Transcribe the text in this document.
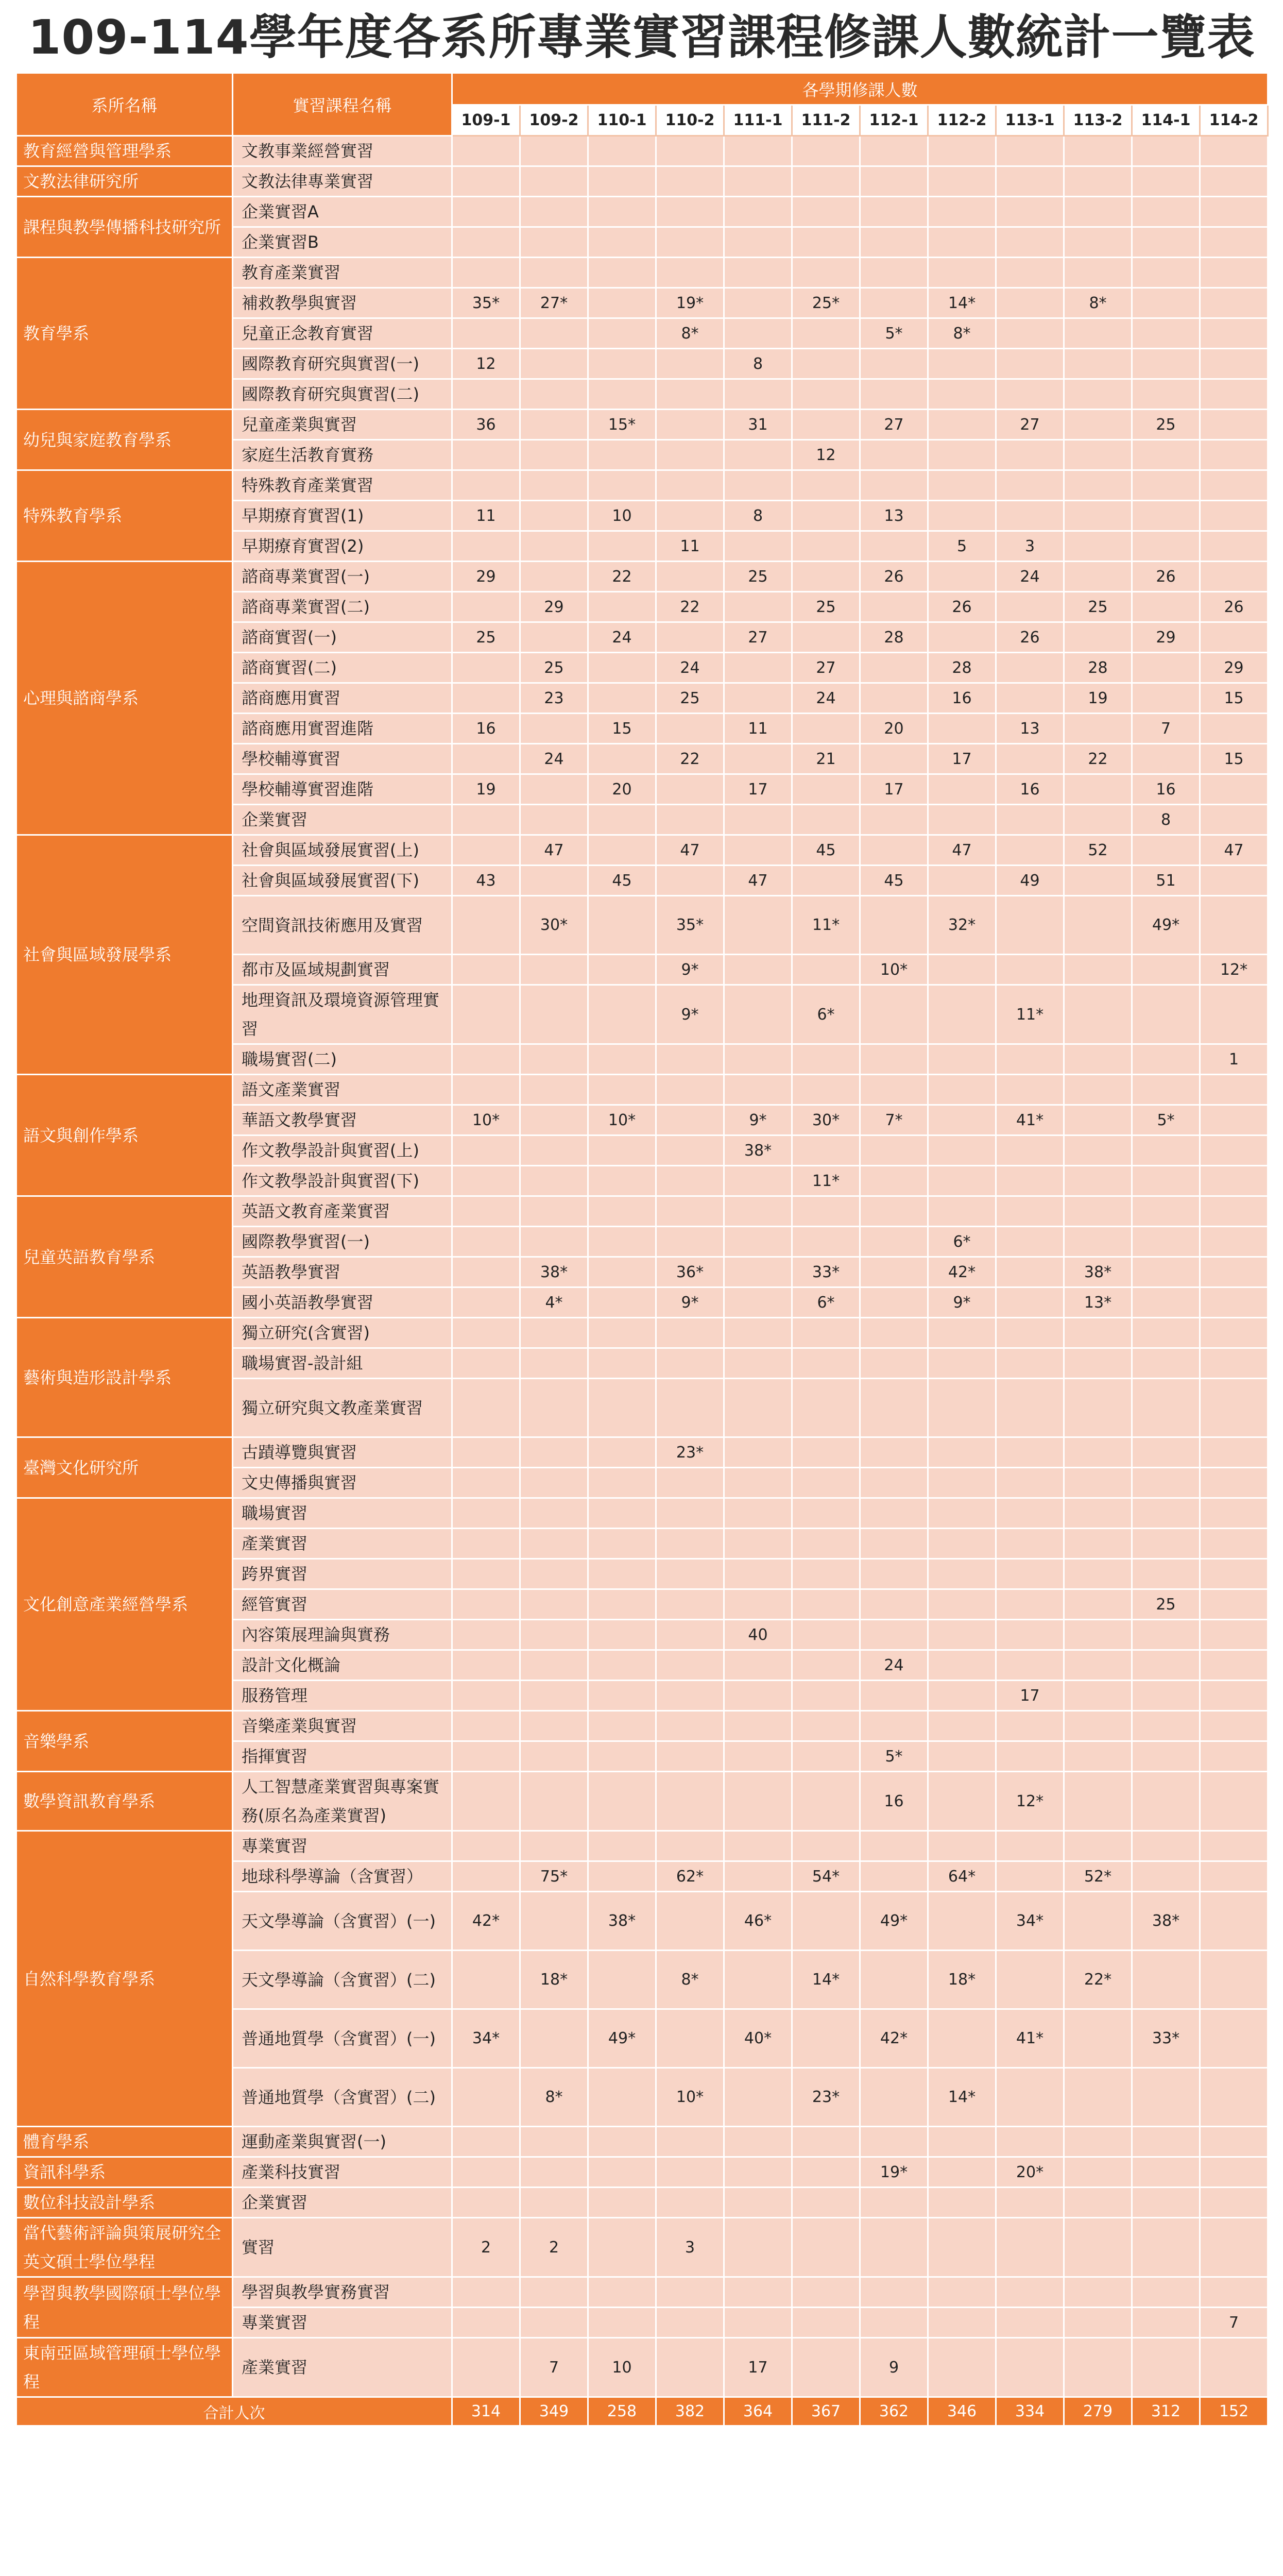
109-114學年度各系所專業實習課程修課人數統計一覽表
系所名稱	實習課程名稱	各學期修課人數											
		109-1	109-2	110-1	110-2	111-1	111-2	112-1	112-2	113-1	113-2	114-1	114-2
教育經營與管理學系	文教事業經營實習												
文教法律研究所	文教法律專業實習												
課程與教學傳播科技研究所	企業實習A												
	企業實習B												
教育學系	教育產業實習												
	補救教學與實習	35*	27*		19*		25*		14*		8*		
	兒童正念教育實習				8*			5*	8*				
	國際教育研究與實習(一)	12				8							
	國際教育研究與實習(二)												
幼兒與家庭教育學系	兒童產業與實習	36		15*		31		27		27		25	
	家庭生活教育實務						12						
特殊教育學系	特殊教育產業實習												
	早期療育實習(1)	11		10		8		13					
	早期療育實習(2)				11				5	3			
心理與諮商學系	諮商專業實習(一)	29		22		25		26		24		26	
	諮商專業實習(二)		29		22		25		26		25		26
	諮商實習(一)	25		24		27		28		26		29	
	諮商實習(二)		25		24		27		28		28		29
	諮商應用實習		23		25		24		16		19		15
	諮商應用實習進階	16		15		11		20		13		7	
	學校輔導實習		24		22		21		17		22		15
	學校輔導實習進階	19		20		17		17		16		16	
	企業實習											8	
社會與區域發展學系	社會與區域發展實習(上)		47		47		45		47		52		47
	社會與區域發展實習(下)	43		45		47		45		49		51	
	空間資訊技術應用及實習		30*		35*		11*		32*			49*	
	都市及區域規劃實習				9*			10*					12*
	地理資訊及環境資源管理實習				9*		6*			11*			
	職場實習(二)												1
語文與創作學系	語文產業實習												
	華語文教學實習	10*		10*		9*	30*	7*		41*		5*	
	作文教學設計與實習(上)					38*							
	作文教學設計與實習(下)						11*						
兒童英語教育學系	英語文教育產業實習												
	國際教學實習(一)								6*				
	英語教學實習		38*		36*		33*		42*		38*		
	國小英語教學實習		4*		9*		6*		9*		13*		
藝術與造形設計學系	獨立研究(含實習)												
	職場實習-設計組												
	獨立研究與文教產業實習												
臺灣文化研究所	古蹟導覽與實習				23*								
	文史傳播與實習												
文化創意產業經營學系	職場實習												
	產業實習												
	跨界實習												
	經管實習											25	
	內容策展理論與實務					40							
	設計文化概論							24					
	服務管理									17			
音樂學系	音樂產業與實習												
	指揮實習							5*					
數學資訊教育學系	人工智慧產業實習與專案實務(原名為產業實習)							16		12*			
自然科學教育學系	專業實習												
	地球科學導論（含實習）		75*		62*		54*		64*		52*		
	天文學導論（含實習）(一)	42*		38*		46*		49*		34*		38*	
	天文學導論（含實習）(二)		18*		8*		14*		18*		22*		
	普通地質學（含實習）(一)	34*		49*		40*		42*		41*		33*	
	普通地質學（含實習）(二)		8*		10*		23*		14*				
體育學系	運動產業與實習(一)												
資訊科學系	產業科技實習							19*		20*			
數位科技設計學系	企業實習												
當代藝術評論與策展研究全英文碩士學位學程	實習	2	2		3								
學習與教學國際碩士學位學程	學習與教學實務實習												
	專業實習												7
東南亞區域管理碩士學位學程	產業實習		7	10		17		9					
合計人次		314	349	258	382	364	367	362	346	334	279	312	152
